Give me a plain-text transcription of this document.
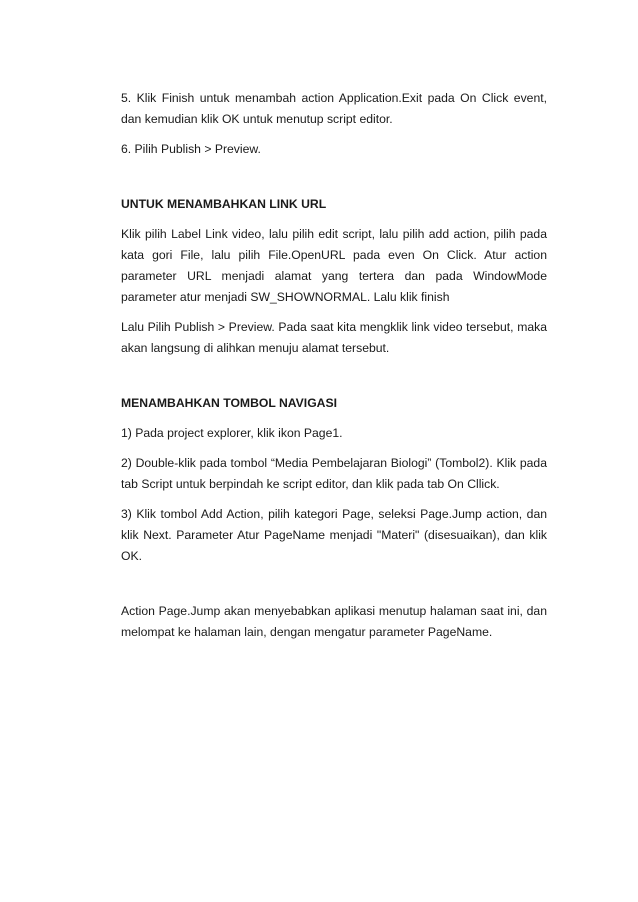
5. Klik Finish untuk menambah action Application.Exit pada On Click event, dan kemudian klik OK untuk menutup script editor.

6. Pilih Publish > Preview.

UNTUK MENAMBAHKAN LINK URL

Klik pilih Label Link video, lalu pilih edit script, lalu pilih add action, pilih pada kata gori File, lalu pilih File.OpenURL pada even On Click. Atur action parameter URL menjadi alamat yang tertera dan pada WindowMode parameter atur menjadi SW_SHOWNORMAL. Lalu klik finish

Lalu Pilih Publish > Preview. Pada saat kita mengklik link video tersebut, maka akan langsung di alihkan menuju alamat tersebut.

MENAMBAHKAN TOMBOL NAVIGASI

1) Pada project explorer, klik ikon Page1.

2) Double-klik pada tombol “Media Pembelajaran Biologi” (Tombol2). Klik pada tab Script untuk berpindah ke script editor, dan klik pada tab On Cllick.

3) Klik tombol Add Action, pilih kategori Page, seleksi Page.Jump action, dan klik Next. Parameter Atur PageName menjadi "Materi" (disesuaikan), dan klik OK.

Action Page.Jump akan menyebabkan aplikasi menutup halaman saat ini, dan melompat ke halaman lain, dengan mengatur parameter PageName.
